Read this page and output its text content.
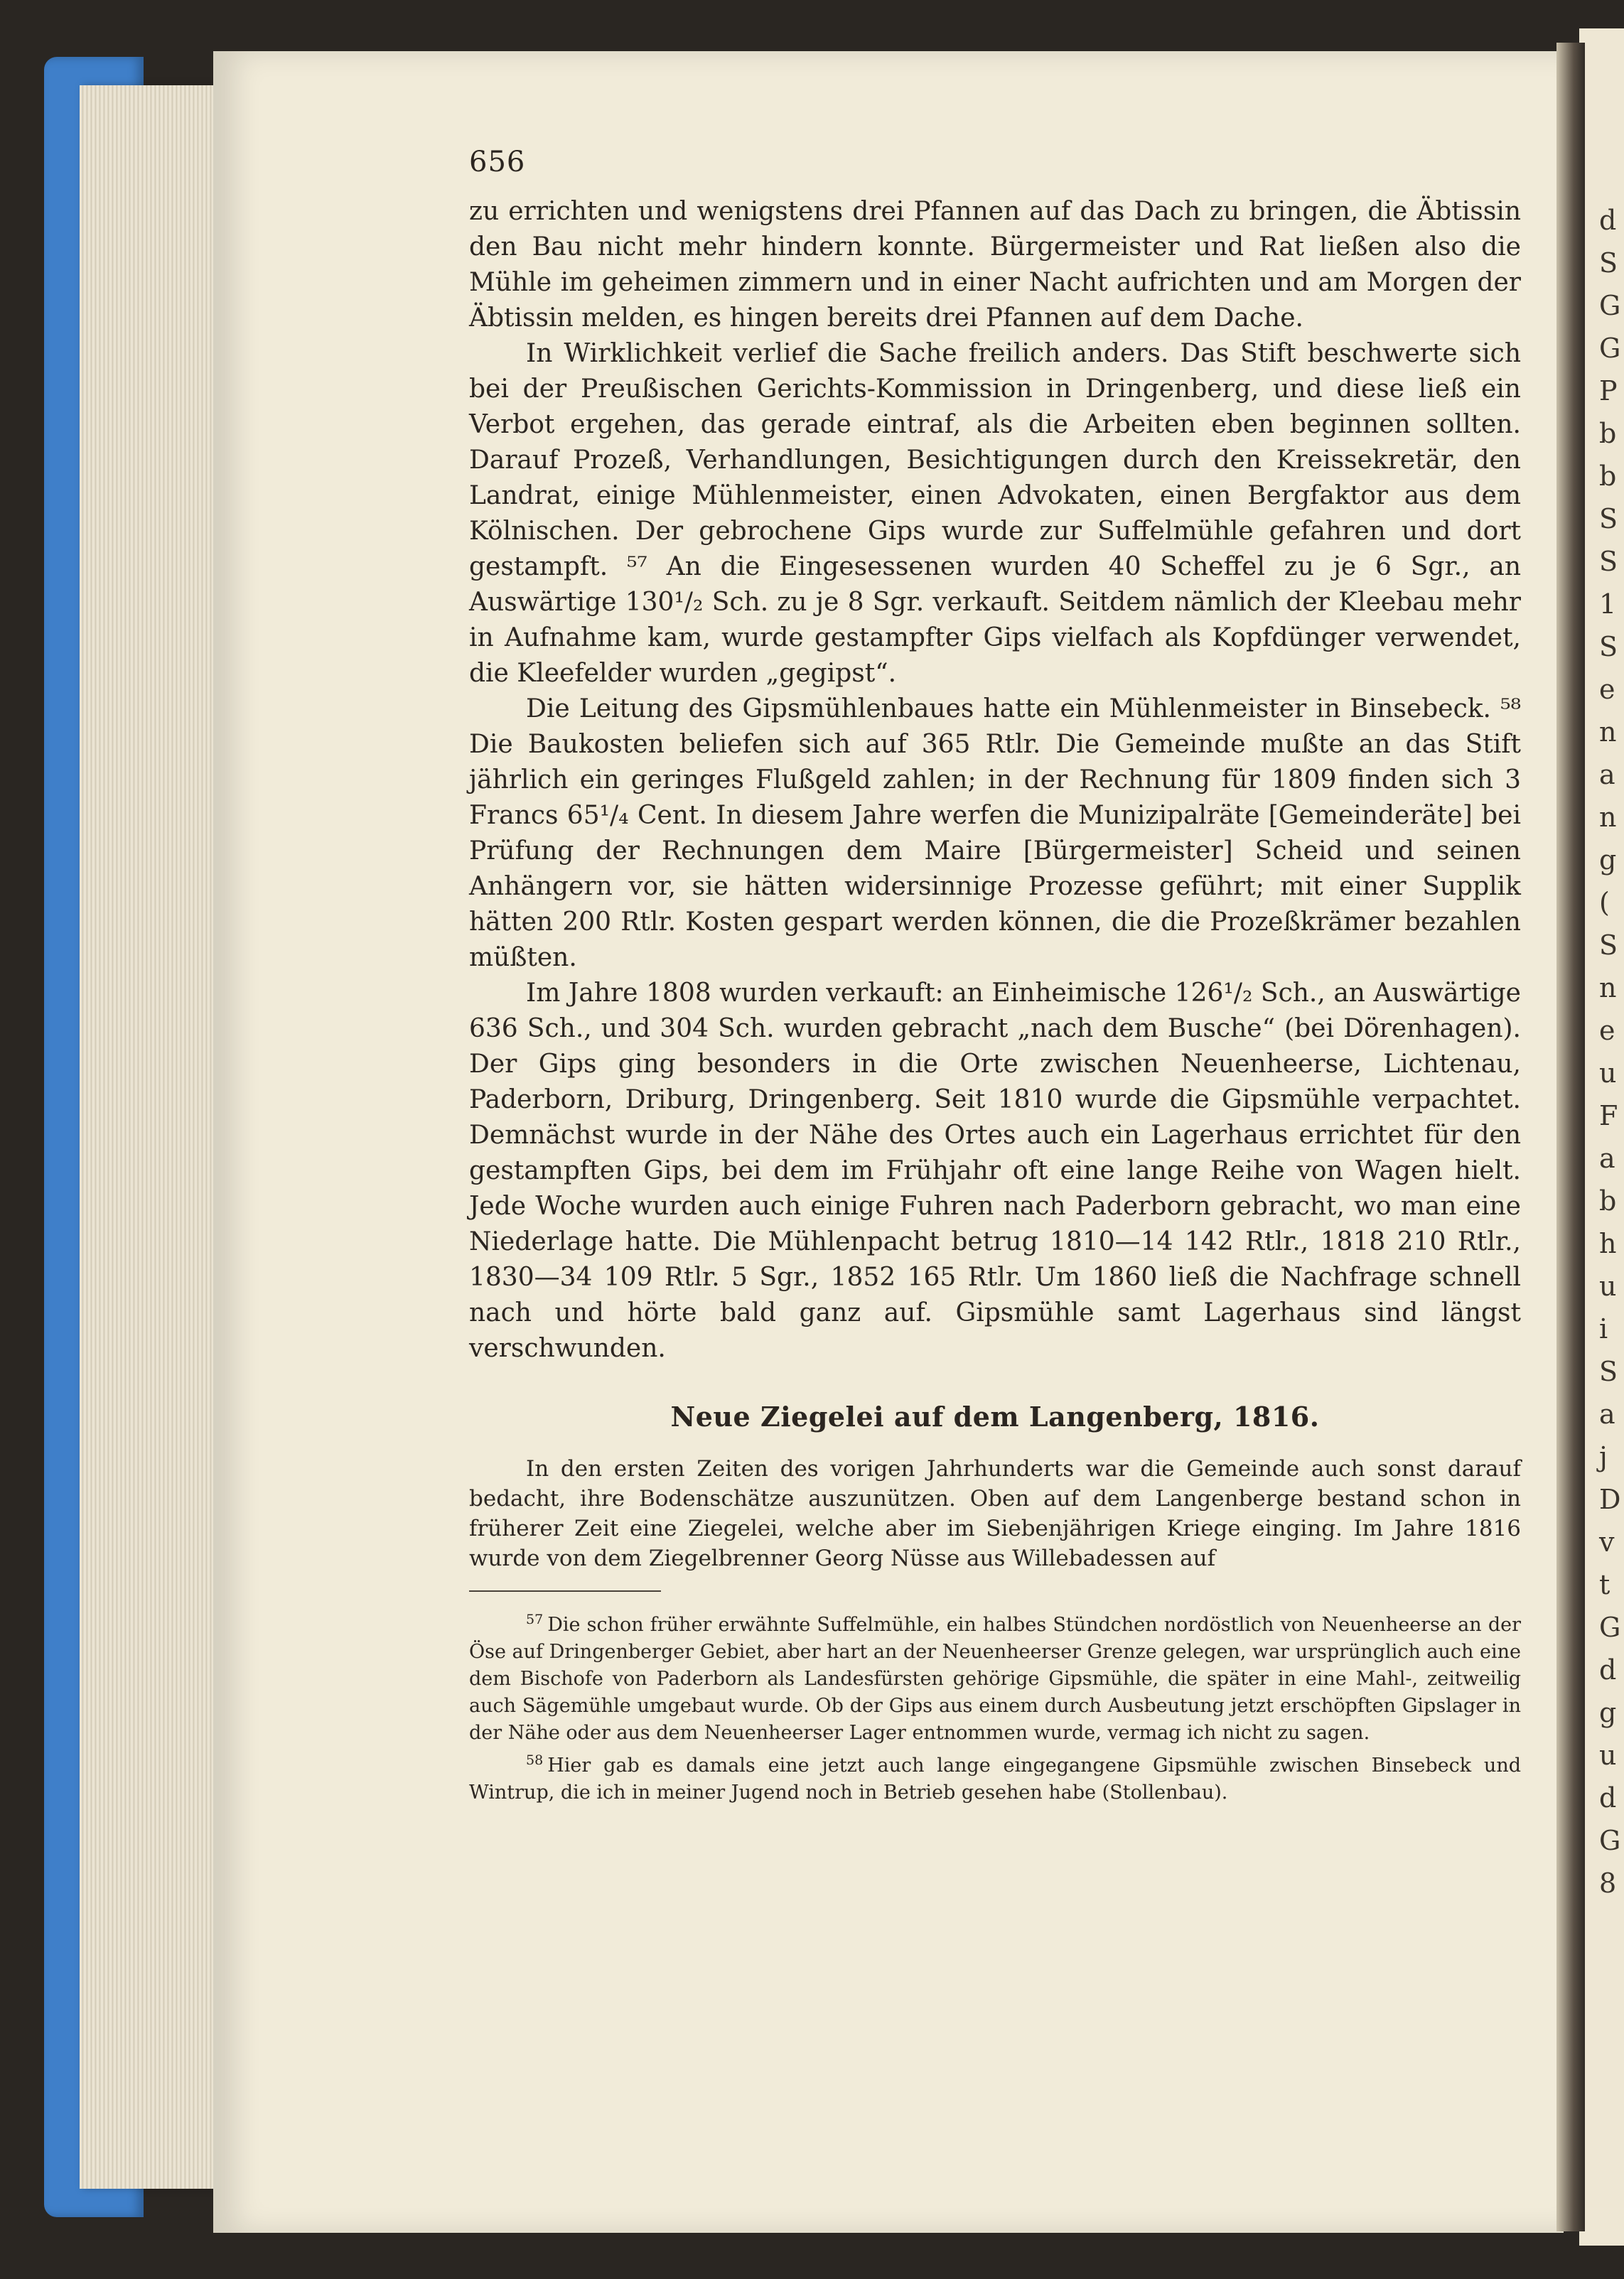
d
S
G
G
P
b
b
S
S
1
S
e
n
a
n
g
(
S
n
e
u
F
a
b
h
u
i
S
a
j
D
v
t
G
d
g
u
d
G
8
656

zu errichten und wenigstens drei Pfannen auf das Dach zu bringen, die Äbtissin den Bau nicht mehr hindern konnte. Bürgermeister und Rat ließen also die Mühle im geheimen zimmern und in einer Nacht aufrichten und am Morgen der Äbtissin melden, es hingen bereits drei Pfannen auf dem Dache.

In Wirklichkeit verlief die Sache freilich anders. Das Stift beschwerte sich bei der Preußischen Gerichts-Kommission in Dringenberg, und diese ließ ein Verbot ergehen, das gerade eintraf, als die Arbeiten eben beginnen sollten. Darauf Prozeß, Verhandlungen, Besichtigungen durch den Kreissekretär, den Landrat, einige Mühlenmeister, einen Advokaten, einen Bergfaktor aus dem Kölnischen. Der gebrochene Gips wurde zur Suffelmühle gefahren und dort gestampft. ⁵⁷ An die Eingesessenen wurden 40 Scheffel zu je 6 Sgr., an Auswärtige 130¹/₂ Sch. zu je 8 Sgr. verkauft. Seitdem nämlich der Kleebau mehr in Aufnahme kam, wurde gestampfter Gips vielfach als Kopfdünger verwendet, die Kleefelder wurden „gegipst“.

Die Leitung des Gipsmühlenbaues hatte ein Mühlenmeister in Binsebeck. ⁵⁸ Die Baukosten beliefen sich auf 365 Rtlr. Die Gemeinde mußte an das Stift jährlich ein geringes Flußgeld zahlen; in der Rechnung für 1809 finden sich 3 Francs 65¹/₄ Cent. In diesem Jahre werfen die Munizipalräte [Gemeinderäte] bei Prüfung der Rechnungen dem Maire [Bürgermeister] Scheid und seinen Anhängern vor, sie hätten widersinnige Prozesse geführt; mit einer Supplik hätten 200 Rtlr. Kosten gespart werden können, die die Prozeßkrämer bezahlen müßten.

Im Jahre 1808 wurden verkauft: an Einheimische 126¹/₂ Sch., an Auswärtige 636 Sch., und 304 Sch. wurden gebracht „nach dem Busche“ (bei Dörenhagen). Der Gips ging besonders in die Orte zwischen Neuenheerse, Lichtenau, Paderborn, Driburg, Dringenberg. Seit 1810 wurde die Gipsmühle verpachtet. Demnächst wurde in der Nähe des Ortes auch ein Lagerhaus errichtet für den gestampften Gips, bei dem im Frühjahr oft eine lange Reihe von Wagen hielt. Jede Woche wurden auch einige Fuhren nach Paderborn gebracht, wo man eine Niederlage hatte. Die Mühlenpacht betrug 1810—14 142 Rtlr., 1818 210 Rtlr., 1830—34 109 Rtlr. 5 Sgr., 1852 165 Rtlr. Um 1860 ließ die Nachfrage schnell nach und hörte bald ganz auf. Gipsmühle samt Lagerhaus sind längst verschwunden.

Neue Ziegelei auf dem Langenberg, 1816.

In den ersten Zeiten des vorigen Jahrhunderts war die Gemeinde auch sonst darauf bedacht, ihre Bodenschätze auszunützen. Oben auf dem Langenberge bestand schon in früherer Zeit eine Ziegelei, welche aber im Siebenjährigen Kriege einging. Im Jahre 1816 wurde von dem Ziegelbrenner Georg Nüsse aus Willebadessen auf

$^{57}$ Die schon früher erwähnte Suffelmühle, ein halbes Stündchen nordöstlich von Neuenheerse an der Öse auf Dringenberger Gebiet, aber hart an der Neuenheerser Grenze gelegen, war ursprünglich auch eine dem Bischofe von Paderborn als Landesfürsten gehörige Gipsmühle, die später in eine Mahl-, zeitweilig auch Sägemühle umgebaut wurde. Ob der Gips aus einem durch Ausbeutung jetzt erschöpften Gipslager in der Nähe oder aus dem Neuenheerser Lager entnommen wurde, vermag ich nicht zu sagen.

$^{58}$ Hier gab es damals eine jetzt auch lange eingegangene Gipsmühle zwischen Binsebeck und Wintrup, die ich in meiner Jugend noch in Betrieb gesehen habe (Stollenbau).
